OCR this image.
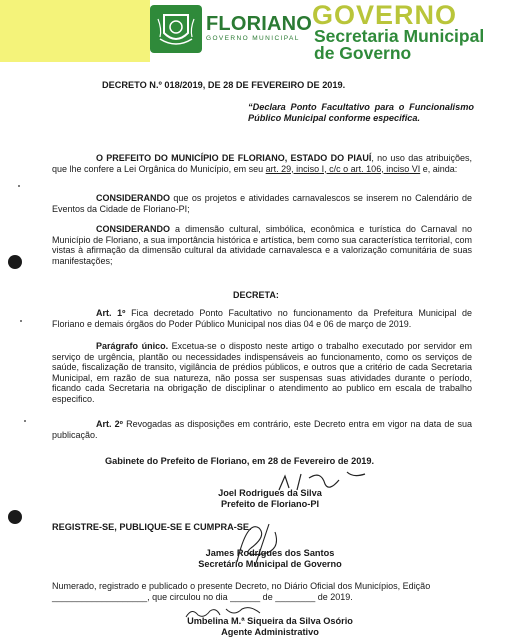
FLORIANO
GOVERNO MUNICIPAL
GOVERNO
Secretaria Municipal
de Governo
DECRETO N.º 018/2019, DE 28 DE FEVEREIRO DE 2019.
“Declara Ponto Facultativo para o Funcionalismo Público Municipal conforme especifica.
O PREFEITO DO MUNICÍPIO DE FLORIANO, ESTADO DO PIAUÍ, no uso das atribuições, que lhe confere a Lei Orgânica do Município, em seu art. 29, inciso I, c/c o art. 106, inciso VI e, ainda:
CONSIDERANDO que os projetos e atividades carnavalescos se inserem no Calendário de Eventos da Cidade de Floriano-PI;
CONSIDERANDO a dimensão cultural, simbólica, econômica e turística do Carnaval no Município de Floriano, a sua importância histórica e artística, bem como sua característica territorial, com vistas à afirmação da dimensão cultural da atividade carnavalesca e a valorização comunitária de suas manifestações;
DECRETA:
Art. 1º Fica decretado Ponto Facultativo no funcionamento da Prefeitura Municipal de Floriano e demais órgãos do Poder Público Municipal nos dias 04 e 06 de março de 2019.
Parágrafo único. Excetua-se o disposto neste artigo o trabalho executado por servidor em serviço de urgência, plantão ou necessidades indispensáveis ao funcionamento, como os serviços de saúde, fiscalização de transito, vigilância de prédios públicos, e outros que a critério de cada Secretaria Municipal, em razão de sua natureza, não possa ser suspensas suas atividades durante o período, ficando cada Secretaria na obrigação de disciplinar o atendimento ao publico em escala de trabalho especifico.
Art. 2º Revogadas as disposições em contrário, este Decreto entra em vigor na data de sua publicação.
Gabinete do Prefeito de Floriano, em 28 de Fevereiro de 2019.
Joel Rodrigues da Silva
Prefeito de Floriano-PI
REGISTRE-SE, PUBLIQUE-SE E CUMPRA-SE.
James Rodrigues dos Santos
Secretário Municipal de Governo
Numerado, registrado e publicado o presente Decreto, no Diário Oficial dos Municípios, Edição ___________________, que circulou no dia ______ de ________ de 2019.
Umbelina M.ª Siqueira da Silva Osório
Agente Administrativo
